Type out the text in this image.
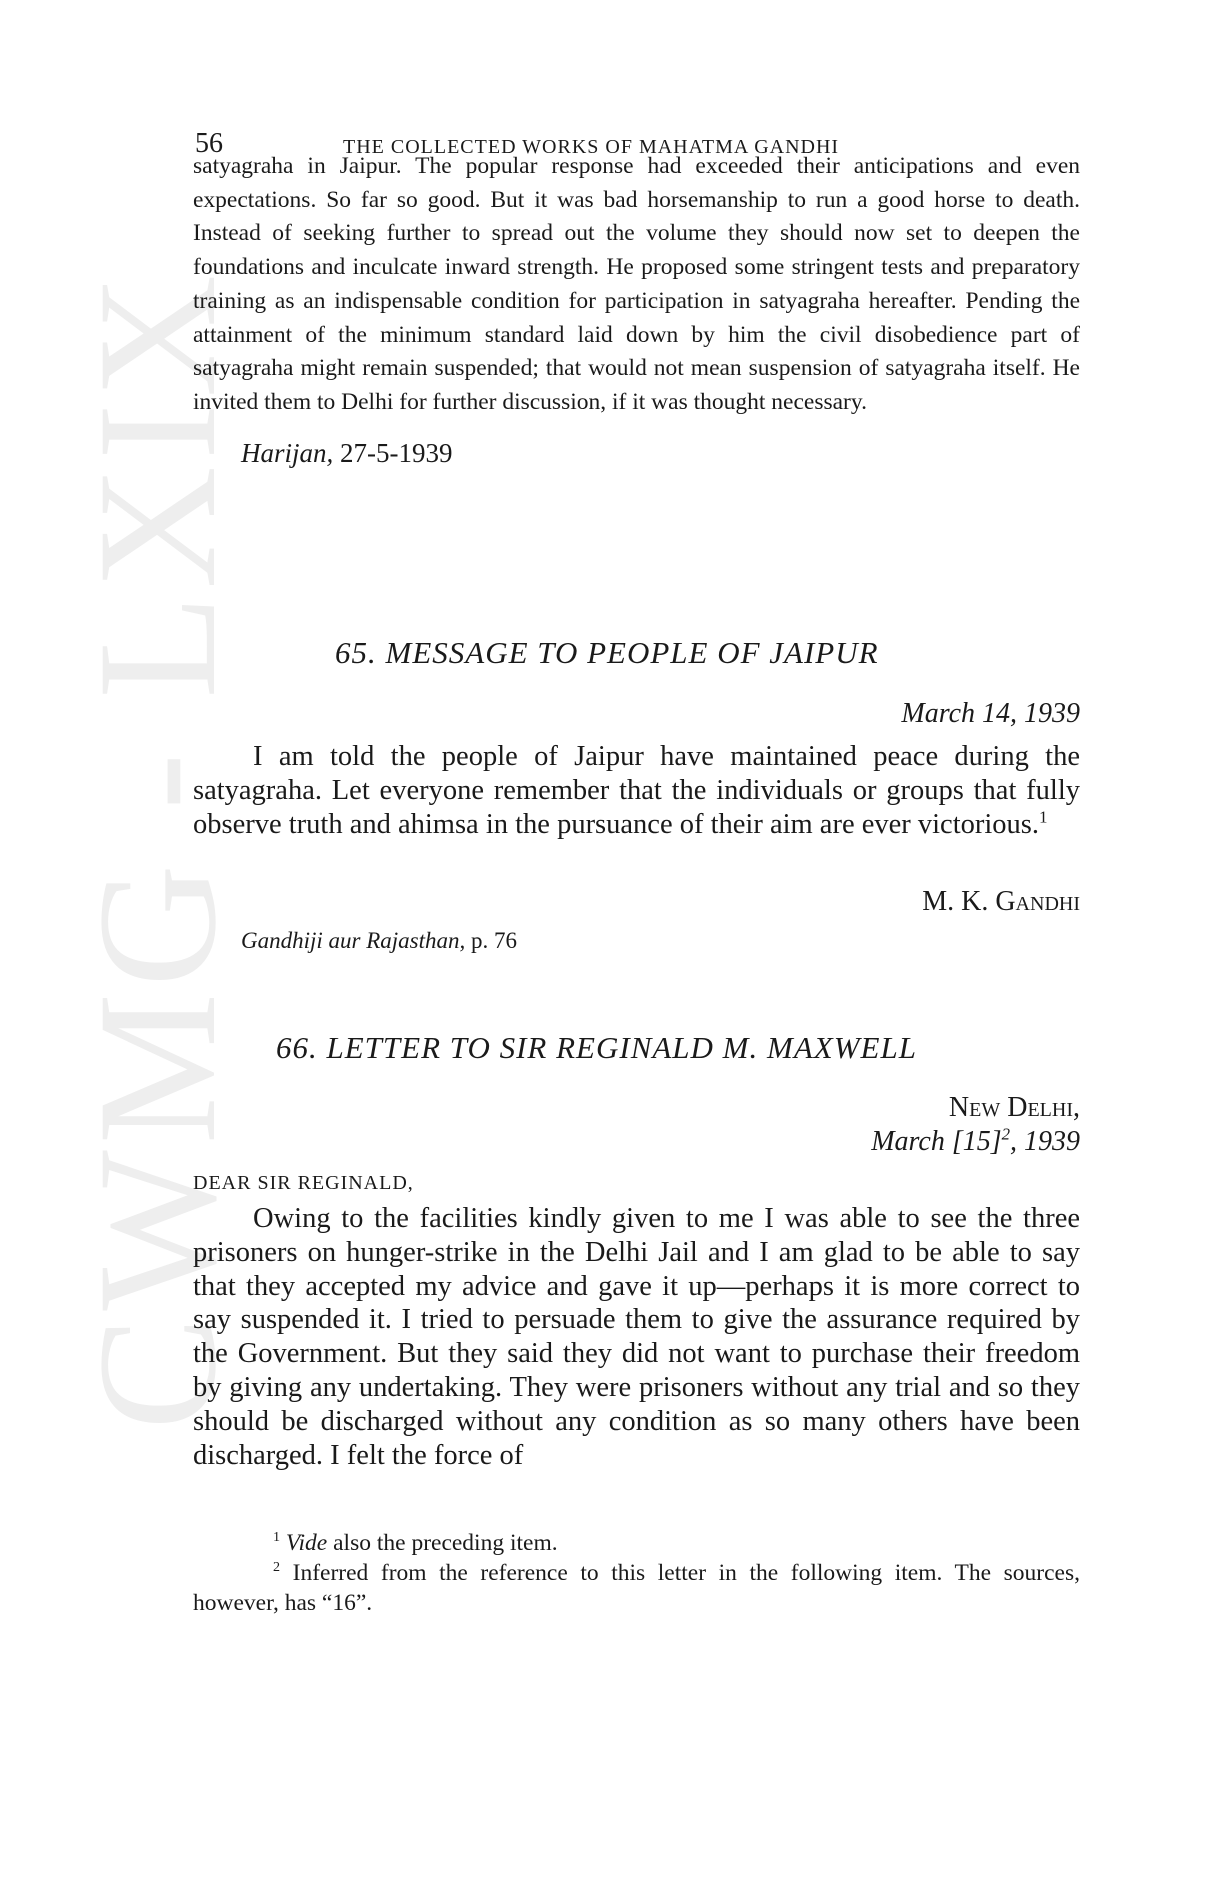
CWMG - LXIX
56	THE COLLECTED WORKS OF MAHATMA GANDHI

satyagraha in Jaipur. The popular response had exceeded their anticipations and even expectations. So far so good. But it was bad horsemanship to run a good horse to death. Instead of seeking further to spread out the volume they should now set to deepen the foundations and inculcate inward strength. He proposed some stringent tests and preparatory training as an indispensable condition for participation in satyagraha hereafter. Pending the attainment of the minimum standard laid down by him the civil disobedience part of satyagraha might remain suspended; that would not mean suspension of satyagraha itself. He invited them to Delhi for further discussion, if it was thought necessary.

Harijan, 27-5-1939
65. MESSAGE TO PEOPLE OF JAIPUR
March 14, 1939

I am told the people of Jaipur have maintained peace during the satyagraha. Let everyone remember that the individuals or groups that fully observe truth and ahimsa in the pursuance of their aim are ever victorious.$^1$

M. K. Gandhi
Gandhiji aur Rajasthan, p. 76
66. LETTER TO SIR REGINALD M. MAXWELL
New Delhi,
March $[15]^2$, 1939
DEAR SIR REGINALD,

Owing to the facilities kindly given to me I was able to see the three prisoners on hunger-strike in the Delhi Jail and I am glad to be able to say that they accepted my advice and gave it up—perhaps it is more correct to say suspended it. I tried to persuade them to give the assurance required by the Government. But they said they did not want to purchase their freedom by giving any undertaking. They were prisoners without any trial and so they should be discharged without any condition as so many others have been discharged. I felt the force of

$^1$ Vide also the preceding item.
$^2$ Inferred from the reference to this letter in the following item. The sources, however, has “16”.
